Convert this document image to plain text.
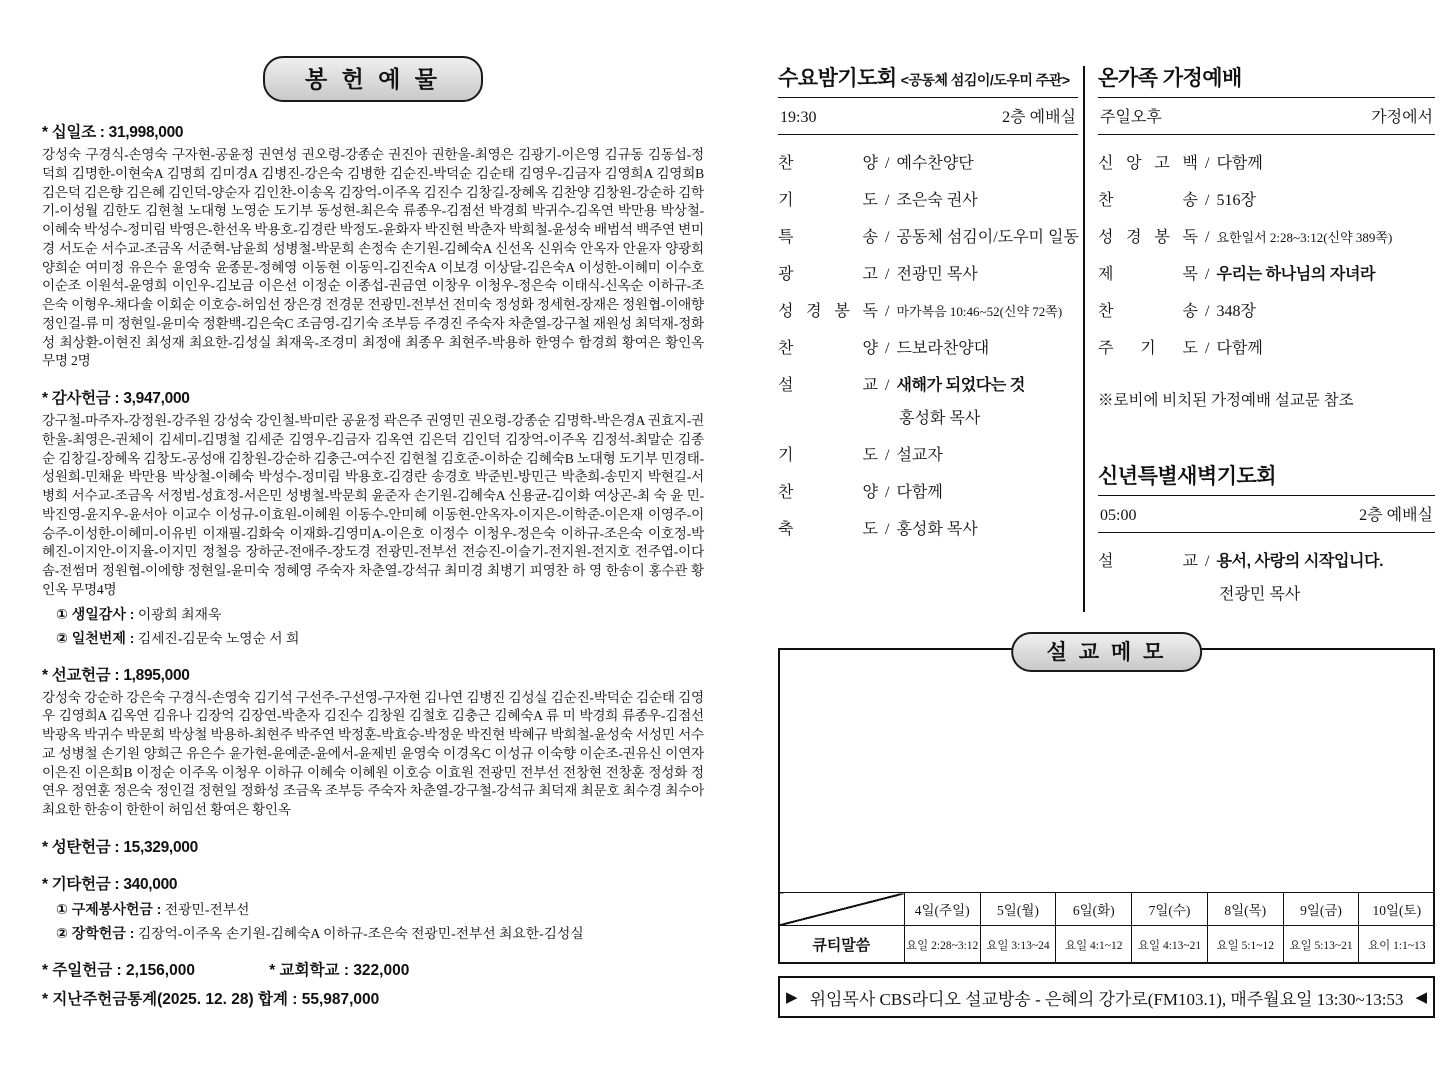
봉 헌 예 물
* 십일조 : 31,998,000
강성숙 구경식-손영숙 구자현-공윤정 권연성 권오령-강종순 권진아 권한울-최영은 김광기-이은영 김규동 김동섭-정덕희 김명한-이현숙A 김명희 김미경A 김병진-강은숙 김병한 김순진-박덕순 김순태 김영우-김금자 김영희A 김영희B 김은덕 김은향 김은혜 김인덕-양순자 김인찬-이송옥 김장억-이주옥 김진수 김창길-장혜옥 김찬양 김창원-강순하 김학기-이성월 김한도 김현철 노대형 노영순 도기부 동성현-최은숙 류종우-김점선 박경희 박귀수-김옥연 박만용 박상철-이혜숙 박성수-정미림 박영은-한선옥 박용호-김경란 박정도-윤화자 박진현 박춘자 박희철-윤성숙 배범석 백주연 변미경 서도순 서수교-조금옥 서준혁-남윤희 성병철-박문희 손정숙 손기원-김혜숙A 신선옥 신위숙 안옥자 안윤자 양광희 양희순 여미정 유은수 윤영숙 윤종문-정혜영 이동현 이동익-김진숙A 이보경 이상달-김은숙A 이성한-이혜미 이수호 이순조 이원석-윤영희 이인우-김보금 이은선 이정순 이종섭-권금연 이창우 이청우-정은숙 이태식-신옥순 이하규-조은숙 이형우-채다솔 이회순 이호승-허임선 장은경 전경문 전광민-전부선 전미숙 정성화 정세현-장재은 정원협-이애향 정인걸-류 미 정현일-윤미숙 정환백-김은숙C 조금영-김기숙 조부등 주경진 주숙자 차춘열-강구철 재원성 최덕재-정화성 최상환-이현진 최성재 최요한-김성실 최재욱-조경미 최정애 최종우 최현주-박용하 한영수 함경희 황여은 황인옥 무명 2명
* 감사헌금 : 3,947,000
강구철-마주자-강정원-강주원 강성숙 강인철-박미란 공윤정 곽은주 권영민 권오령-강종순 김명학-박은경A 권효지-권한울-최영은-권체이 김세미-김명철 김세준 김영우-김금자 김옥연 김은덕 김인덕 김장억-이주옥 김정석-최말순 김종순 김창길-장혜옥 김창도-공성애 김창원-강순하 김충근-여수진 김현철 김호준-이하순 김혜숙B 노대형 도기부 민경태-성원희-민채윤 박만용 박상철-이혜숙 박성수-정미림 박용호-김경란 송경호 박준빈-방민근 박춘희-송민지 박현길-서병희 서수교-조금옥 서정범-성효정-서은민 성병철-박문희 윤준자 손기원-김혜숙A 신용균-김이화 여상곤-최 숙 윤 민-박진영-윤지우-윤서아 이교수 이성규-이효원-이혜원 이동수-안미혜 이동현-안옥자-이지은-이학준-이은재 이영주-이승주-이성한-이혜미-이유빈 이재필-김화숙 이재화-김영미A-이은호 이정수 이청우-정은숙 이하규-조은숙 이호정-박혜진-이지안-이지율-이지민 정철응 장하군-전애주-장도경 전광민-전부선 전승진-이슬기-전지원-전지호 전주엽-이다솜-전썸머 정원협-이에향 정현일-윤미숙 정혜영 주숙자 차춘열-강석규 최미경 최병기 피영찬 하 영 한송이 홍수관 황인옥 무명4명
① 생일감사 : 이광희 최재욱
② 일천번제 : 김세진-김문숙 노영순 서 희
* 선교헌금 : 1,895,000
강성숙 강순하 강은숙 구경식-손영숙 김기석 구선주-구선영-구자현 김나연 김병진 김성실 김순진-박덕순 김순태 김영우 김영희A 김옥연 김유나 김장억 김장연-박춘자 김진수 김창원 김철호 김충근 김혜숙A 류 미 박경희 류종우-김점선 박광옥 박귀수 박문희 박상철 박용하-최현주 박주연 박정훈-박효승-박정운 박진현 박혜규 박희철-윤성숙 서성민 서수교 성병철 손기원 양희근 유은수 윤가현-윤예준-윤에서-윤제빈 윤영숙 이경옥C 이성규 이숙향 이순조-권유신 이연자 이은진 이은희B 이정순 이주옥 이청우 이하규 이혜숙 이혜원 이호승 이효원 전광민 전부선 전창현 전창훈 정성화 정연우 정연훈 정은숙 정인걸 정현일 정화성 조금옥 조부등 주숙자 차춘열-강구철-강석규 최덕재 최문호 최수경 최수아 최요한 한송이 한한이 허임선 황여은 황인옥
* 성탄헌금 : 15,329,000
* 기타헌금 : 340,000
① 구제봉사헌금 : 전광민-전부선
② 장학헌금 : 김장억-이주옥 손기원-김혜숙A 이하규-조은숙 전광민-전부선 최요한-김성실
* 주일헌금 : 2,156,000	* 교회학교 : 322,000
* 지난주헌금통계(2025. 12. 28) 합계 : 55,987,000
수요밤기도회 <공동체 섬김이/도우미 주관>
19:30	2층 예배실
찬 양 / 예수찬양단
기 도 / 조은숙 권사
특 송 / 공동체 섬김이/도우미 일동
광 고 / 전광민 목사
성 경 봉 독 / 마가복음 10:46~52(신약 72쪽)
찬 양 / 드보라찬양대
설 교 / 새해가 되었다는 것
홍성화 목사
기 도 / 설교자
찬 양 / 다함께
축 도 / 홍성화 목사
온가족 가정예배
주일오후	가정에서
신 앙 고 백 / 다함께
찬 송 / 516장
성 경 봉 독 / 요한일서 2:28~3:12(신약 389쪽)
제 목 / 우리는 하나님의 자녀라
찬 송 / 348장
주 기 도 / 다함께
※로비에 비치된 가정예배 설교문 참조
신년특별새벽기도회
05:00	2층 예배실
설 교 / 용서, 사랑의 시작입니다.
전광민 목사
설 교 메 모
	4일(주일)	5일(월)	6일(화)	7일(수)	8일(목)	9일(금)	10일(토)
큐티말씀	요일 2:28~3:12	요일 3:13~24	요일 4:1~12	요일 4:13~21	요일 5:1~12	요일 5:13~21	요이 1:1~13
▶ 위임목사 CBS라디오 설교방송 - 은혜의 강가로(FM103.1), 매주월요일 13:30~13:53 ◀
